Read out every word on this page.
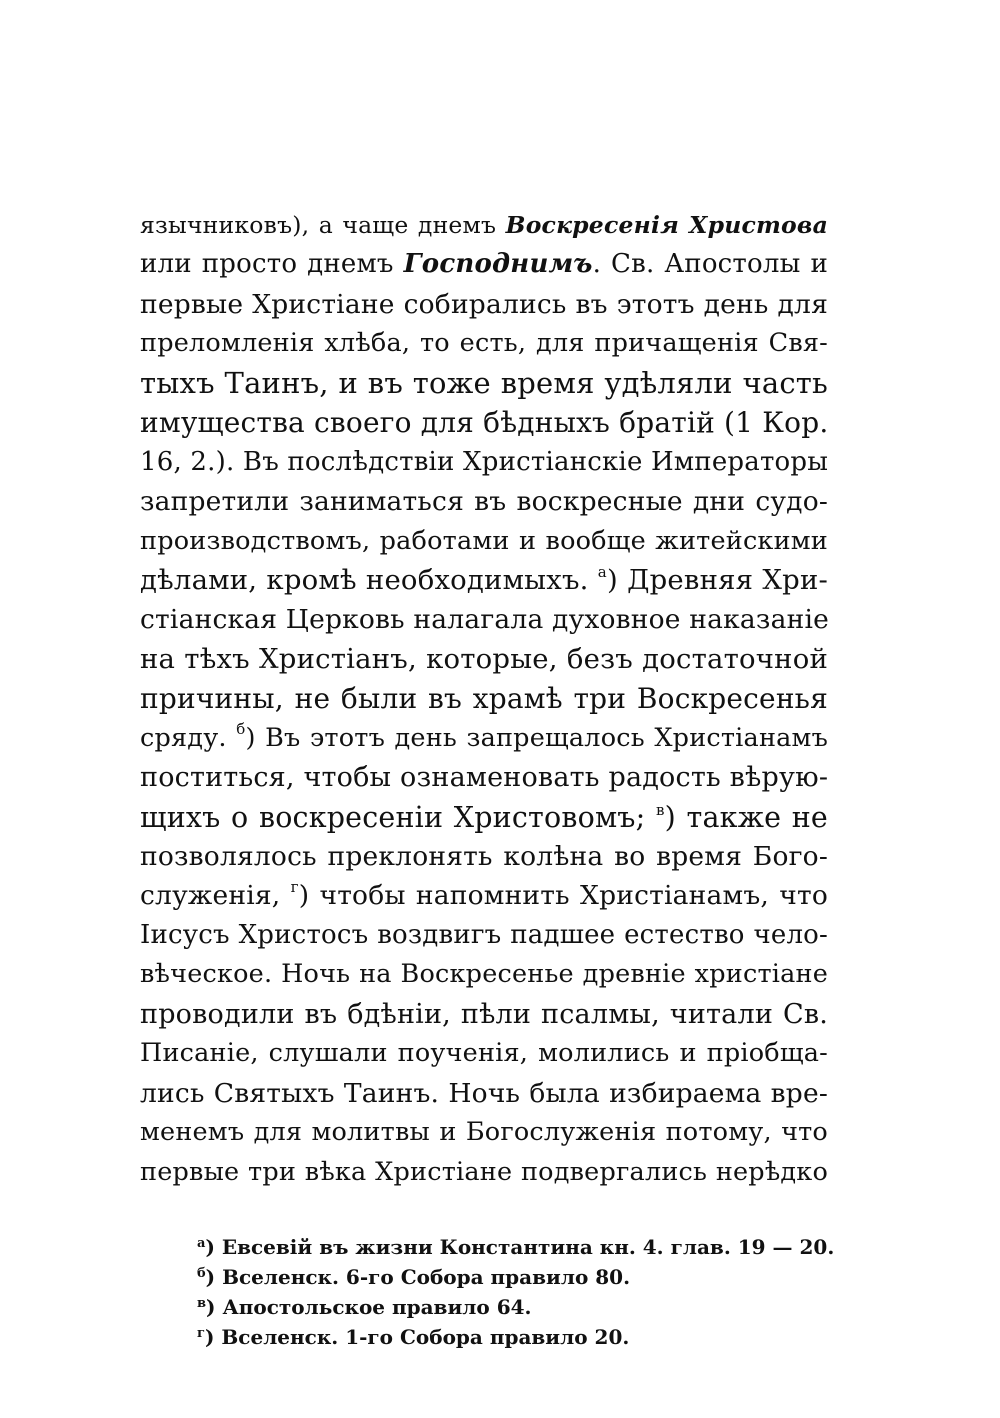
язычниковъ), а чаще днемъ Воскресенія Христова
или просто днемъ Господнимъ. Св. Апостолы и
первые Христіане собирались въ этотъ день для
преломленія хлѣба, то есть, для причащенія Свя-
тыхъ Таинъ, и въ тоже время удѣляли часть
имущества своего для бѣдныхъ братій (1 Кор.
16, 2.). Въ послѣдствіи Христіанскіе Императоры
запретили заниматься въ воскресные дни судо-
производствомъ, работами и вообще житейскими
дѣлами, кромѣ необходимыхъ. $^а$) Древняя Хри-
стіанская Церковь налагала духовное наказаніе
на тѣхъ Христіанъ, которые, безъ достаточной
причины, не были въ храмѣ три Воскресенья
сряду. $^б$) Въ этотъ день запрещалось Христіанамъ
поститься, чтобы ознаменовать радость вѣрую-
щихъ о воскресеніи Христовомъ; $^в$) также не
позволялось преклонять колѣна во время Бого-
служенія, $^г$) чтобы напомнить Христіанамъ, что
Іисусъ Христосъ воздвигъ падшее естество чело-
вѣческое. Ночь на Воскресенье древніе христіане
проводили въ бдѣніи, пѣли псалмы, читали Св.
Писаніе, слушали поученія, молились и пріобща-
лись Святыхъ Таинъ. Ночь была избираема вре-
менемъ для молитвы и Богослуженія потому, что
первые три вѣка Христіане подвергались нерѣдко
$^а$) Евсевій въ жизни Константина кн. 4. глав. 19 — 20.
$^б$) Вселенск. 6-го Собора правило 80.
$^в$) Апостольское правило 64.
$^г$) Вселенск. 1-го Собора правило 20.
